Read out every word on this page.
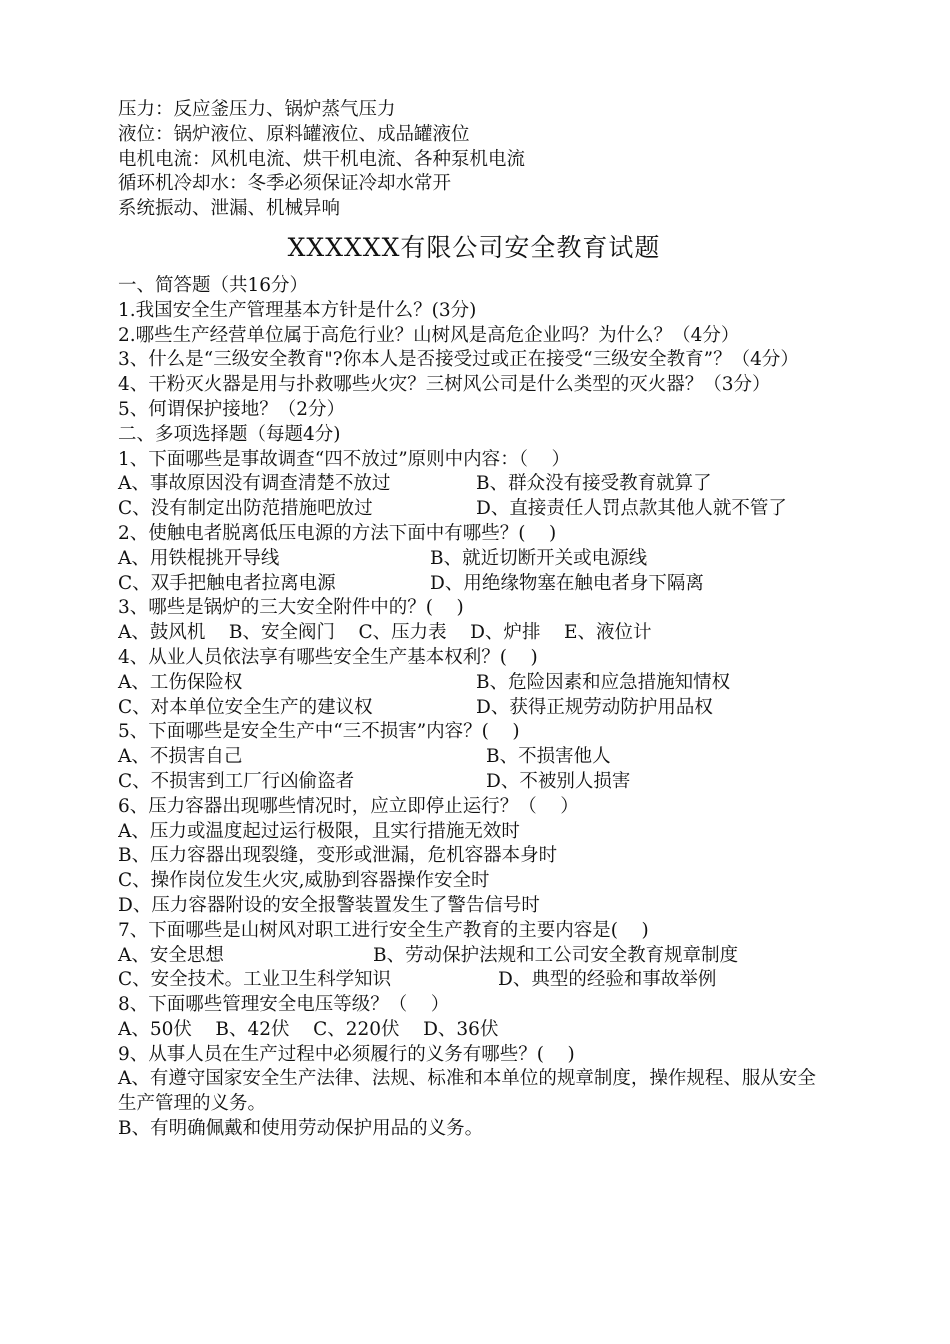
压力：反应釜压力、锅炉蒸气压力
液位：锅炉液位、原料罐液位、成品罐液位
电机电流：风机电流、烘干机电流、各种泵机电流
循环机冷却水：冬季必须保证冷却水常开
系统振动、泄漏、机械异响
XXXXXX有限公司安全教育试题
一、简答题（共16分）
1.我国安全生产管理基本方针是什么？(3分)
2.哪些生产经营单位属于高危行业？山树风是高危企业吗？为什么？（4分）
3、什么是“三级安全教育"?你本人是否接受过或正在接受“三级安全教育”？（4分）
4、干粉灭火器是用与扑救哪些火灾？三树风公司是什么类型的灭火器？（3分）
5、何谓保护接地？（2分）
二、多项选择题（每题4分)
1、下面哪些是事故调查“四不放过”原则中内容：（    ）
A、事故原因没有调查清楚不放过	B、群众没有接受教育就算了
C、没有制定出防范措施吧放过	D、直接责任人罚点款其他人就不管了
2、使触电者脱离低压电源的方法下面中有哪些？(    )
A、用铁棍挑开导线	B、就近切断开关或电源线
C、双手把触电者拉离电源	D、用绝缘物塞在触电者身下隔离
3、哪些是锅炉的三大安全附件中的？(    )
A、鼓风机    B、安全阀门    C、压力表    D、炉排    E、液位计
4、从业人员依法享有哪些安全生产基本权利？(    )
A、工伤保险权	B、危险因素和应急措施知情权
C、对本单位安全生产的建议权	D、获得正规劳动防护用品权
5、下面哪些是安全生产中“三不损害”内容？(    )
A、不损害自己	B、不损害他人
C、不损害到工厂行凶偷盗者	D、不被别人损害
6、压力容器出现哪些情况时，应立即停止运行？（    ）
A、压力或温度起过运行极限，且实行措施无效时
B、压力容器出现裂缝，变形或泄漏，危机容器本身时
C、操作岗位发生火灾,威胁到容器操作安全时
D、压力容器附设的安全报警装置发生了警告信号时
7、下面哪些是山树风对职工进行安全生产教育的主要内容是(    )
A、安全思想	B、劳动保护法规和工公司安全教育规章制度
C、安全技术。工业卫生科学知识	D、典型的经验和事故举例
8、下面哪些管理安全电压等级？（    ）
A、50伏    B、42伏    C、220伏    D、36伏
9、从事人员在生产过程中必须履行的义务有哪些？(    )
A、有遵守国家安全生产法律、法规、标准和本单位的规章制度，操作规程、服从安全生产管理的义务。
B、有明确佩戴和使用劳动保护用品的义务。
